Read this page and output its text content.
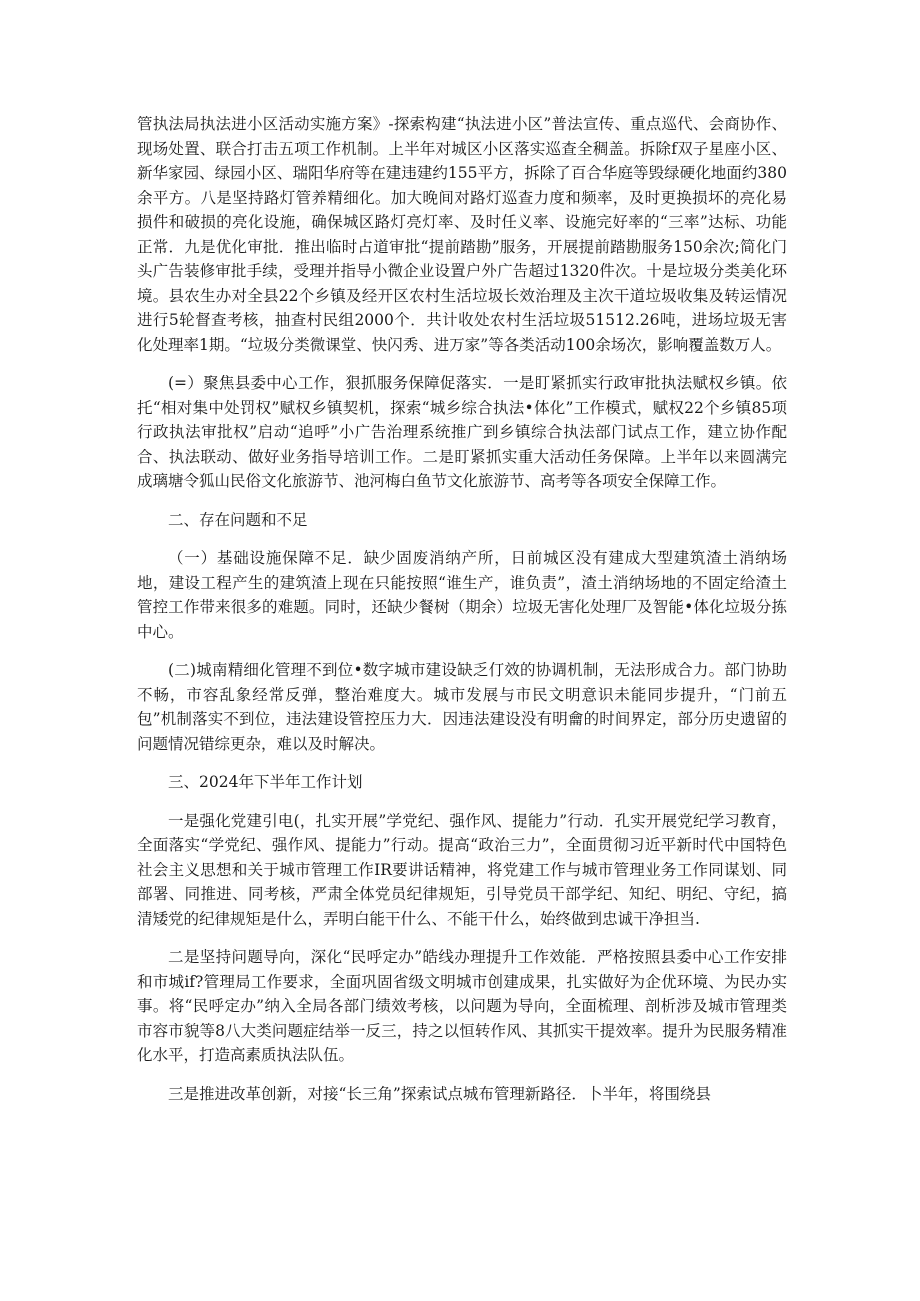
管执法局执法进小区活动实施方案》-探索构建“执法进小区”普法宣传、重点巡代、会商协作、现场处置、联合打击五项工作机制。上半年对城区小区落实巡查全稠盖。拆除f双子星座小区、新华家园、绿园小区、瑞阳华府等在建违建约155平方，拆除了百合华庭等毁绿硬化地面约380余平方。八是坚持路灯管养精细化。加大晚间对路灯巡查力度和频率，及时更换损坏的亮化易损件和破损的亮化设施，确保城区路灯亮灯率、及时任义率、设施完好率的“三率”达标、功能正常．九是优化审批．推出临时占道审批“提前踏勘”服务，开展提前踏勘服务150余次;简化门头广告装修审批手续，受理并指导小微企业设置户外广告超过1320件次。十是垃圾分类美化环境。县农生办对全县22个乡镇及经开区农村生活垃圾长效治理及主次干道垃圾收集及转运情况进行5轮督查考核，抽查村民组2000个．共计收处农村生活垃圾51512.26吨，进场垃圾无害化处理率1期。“垃圾分类微课堂、快闪秀、进万家”等各类活动100余场次，影响覆盖数万人。

(=）聚焦县委中心工作，狠抓服务保障促落实．一是盯紧抓实行政审批执法赋权乡镇。依托“相对集中处罚权”赋权乡镇契机，探索“城乡综合执法•体化”工作模式，赋权22个乡镇85项行政执法审批权”启动“追呼”小广告治理系统推广到乡镇综合执法部门试点工作，建立协作配合、执法联动、做好业务指导培训工作。二是盯紧抓实重大活动任务保障。上半年以来圆满完成璃塘令狐山民俗文化旅游节、池河梅白鱼节文化旅游节、高考等各项安全保障工作。

二、存在问题和不足

（一）基础设施保障不足．缺少固废消纳产所，日前城区没有建成大型建筑渣土消纳场地，建设工程产生的建筑渣上现在只能按照“谁生产，谁负责”，渣土消纳场地的不固定给渣土管控工作带来很多的难题。同时，还缺少餐树（期余）垃圾无害化处理厂及智能•体化垃圾分拣中心。

(二)城南精细化管理不到位•数字城市建设缺乏仃效的协调机制，无法形成合力。部门协助不畅，市容乱象经常反弹，整治难度大。城市发展与市民文明意识未能同步提升，“门前五包”机制落实不到位，违法建设管控压力大．因违法建设没有明龠的时间界定，部分历史遗留的问题情况错综更杂，难以及时解决。

三、2024年下半年工作计划

一是强化党建引电(，扎实开展”学党纪、强作风、提能力”行动．孔实开展党纪学习教育，全面落实“学党纪、强作风、提能力”行动。提高“政治三力”，全面贯彻习近平新时代中国特色社会主义思想和关于城市管理工作IR要讲话精神，将党建工作与城市管理业务工作同谋划、同部署、同推进、同考核，严肃全体党员纪律规矩，引导党员干部学纪、知纪、明纪、守纪，搞清矮党的纪律规矩是什么，弄明白能干什么、不能干什么，始终做到忠诚干净担当.

二是坚持问题导向，深化“民呼定办”皓线办理提升工作效能．严格按照县委中心工作安排和市城if?管理局工作要求，全面巩固省级文明城市创建成果，扎实做好为企优环境、为民办实事。将“民呼定办”纳入全局各部门绩效考核，以问题为导向，全面梳理、剖析涉及城市管理类市容市貌等8八大类问题症结举一反三，持之以恒转作风、其抓实干提效率。提升为民服务精准化水平，打造高素质执法队伍。

三是推进改革创新，对接“长三角”探索试点城布管理新路径．卜半年，将围绕县
